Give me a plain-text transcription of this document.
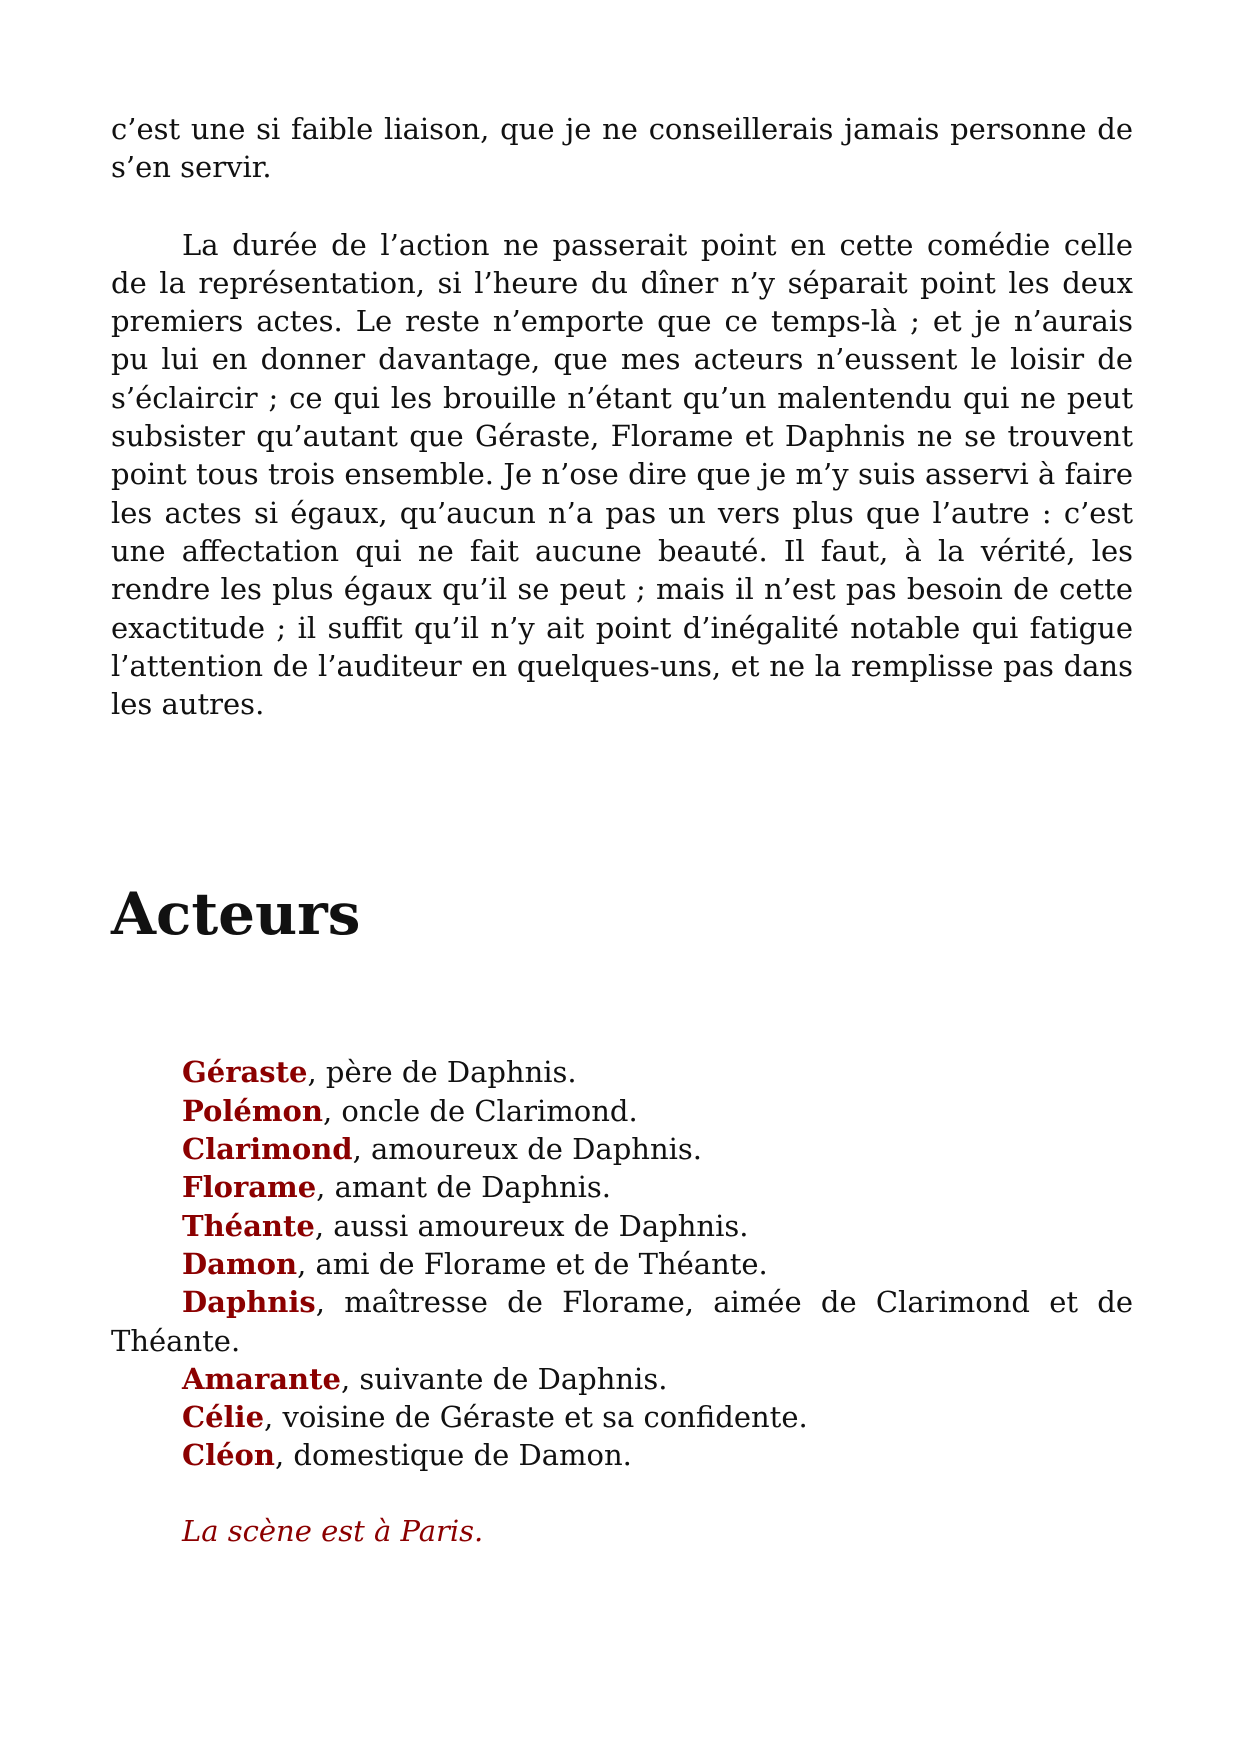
c’est une si faible liaison, que je ne conseillerais jamais personne de s’en servir.

La durée de l’action ne passerait point en cette comédie celle de la représentation, si l’heure du dîner n’y séparait point les deux premiers actes. Le reste n’emporte que ce temps-là ; et je n’aurais pu lui en donner davantage, que mes acteurs n’eussent le loisir de s’éclaircir ; ce qui les brouille n’étant qu’un malentendu qui ne peut subsister qu’autant que Géraste, Florame et Daphnis ne se trouvent point tous trois ensemble. Je n’ose dire que je m’y suis asservi à faire les actes si égaux, qu’aucun n’a pas un vers plus que l’autre : c’est une affectation qui ne fait aucune beauté. Il faut, à la vérité, les rendre les plus égaux qu’il se peut ; mais il n’est pas besoin de cette exactitude ; il suffit qu’il n’y ait point d’inégalité notable qui fatigue l’attention de l’auditeur en quelques-uns, et ne la remplisse pas dans les autres.

Acteurs

Géraste, père de Daphnis.

Polémon, oncle de Clarimond.

Clarimond, amoureux de Daphnis.

Florame, amant de Daphnis.

Théante, aussi amoureux de Daphnis.

Damon, ami de Florame et de Théante.

Daphnis, maîtresse de Florame, aimée de Clarimond et de Théante.

Amarante, suivante de Daphnis.

Célie, voisine de Géraste et sa confidente.

Cléon, domestique de Damon.

La scène est à Paris.
